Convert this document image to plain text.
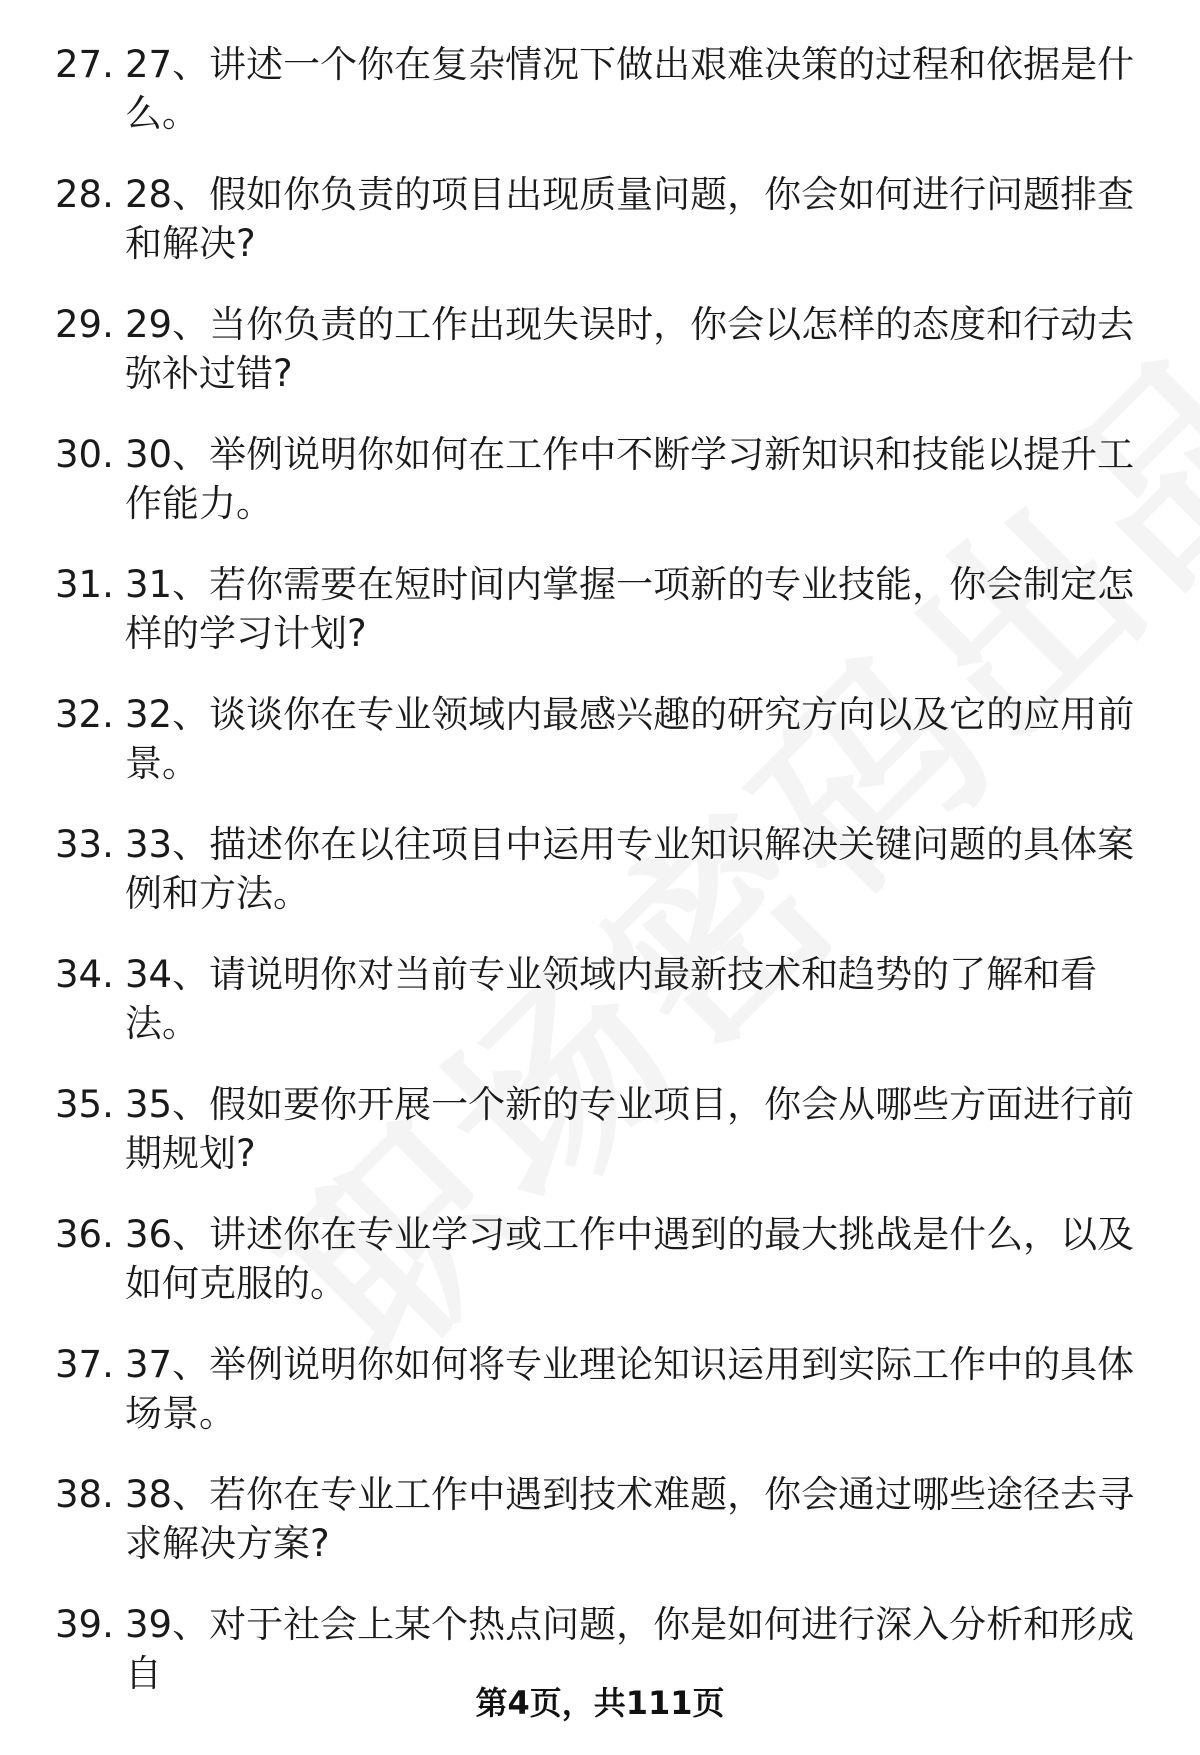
27. 27、讲述一个你在复杂情况下做出艰难决策的过程和依据是什么。
28. 28、假如你负责的项目出现质量问题，你会如何进行问题排查和解决?
29. 29、当你负责的工作出现失误时，你会以怎样的态度和行动去弥补过错?
30. 30、举例说明你如何在工作中不断学习新知识和技能以提升工作能力。
31. 31、若你需要在短时间内掌握一项新的专业技能，你会制定怎样的学习计划?
32. 32、谈谈你在专业领域内最感兴趣的研究方向以及它的应用前景。
33. 33、描述你在以往项目中运用专业知识解决关键问题的具体案例和方法。
34. 34、请说明你对当前专业领域内最新技术和趋势的了解和看法。
35. 35、假如要你开展一个新的专业项目，你会从哪些方面进行前期规划?
36. 36、讲述你在专业学习或工作中遇到的最大挑战是什么，以及如何克服的。
37. 37、举例说明你如何将专业理论知识运用到实际工作中的具体场景。
38. 38、若你在专业工作中遇到技术难题，你会通过哪些途径去寻求解决方案?
39. 39、对于社会上某个热点问题，你是如何进行深入分析和形成自
第4页，共111页
